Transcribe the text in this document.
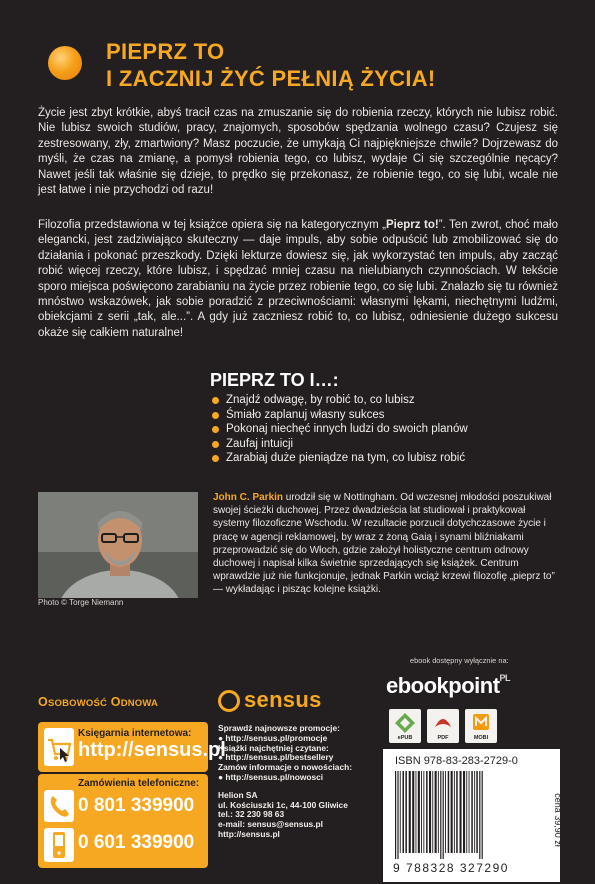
PIEPRZ TO
I ZACZNIJ ŻYĆ PEŁNIĄ ŻYCIA!

Życie jest zbyt krótkie, abyś tracił czas na zmuszanie się do robienia rzeczy, których nie lubisz robić. Nie lubisz swoich studiów, pracy, znajomych, sposobów spędzania wolnego czasu? Czujesz się zestresowany, zły, zmartwiony? Masz poczucie, że umykają Ci najpiękniejsze chwile? Dojrzewasz do myśli, że czas na zmianę, a pomysł robienia tego, co lubisz, wydaje Ci się szczególnie nęcący? Nawet jeśli tak właśnie się dzieje, to prędko się przekonasz, że robienie tego, co się lubi, wcale nie jest łatwe i nie przychodzi od razu!

Filozofia przedstawiona w tej książce opiera się na kategorycznym „Pieprz to!”. Ten zwrot, choć mało elegancki, jest zadziwiająco skuteczny — daje impuls, aby sobie odpuścić lub zmobilizować się do działania i pokonać przeszkody. Dzięki lekturze dowiesz się, jak wykorzystać ten impuls, aby zacząć robić więcej rzeczy, które lubisz, i spędzać mniej czasu na nielubianych czynnościach. W tekście sporo miejsca poświęcono zarabianiu na życie przez robienie tego, co się lubi. Znalazło się tu również mnóstwo wskazówek, jak sobie poradzić z przeciwnościami: własnymi lękami, niechętnymi ludźmi, obiekcjami z serii „tak, ale...”. A gdy już zaczniesz robić to, co lubisz, odniesienie dużego sukcesu okaże się całkiem naturalne!

PIEPRZ TO I…:
Znajdź odwagę, by robić to, co lubisz
Śmiało zaplanuj własny sukces
Pokonaj niechęć innych ludzi do swoich planów
Zaufaj intuicji
Zarabiaj duże pieniądze na tym, co lubisz robić
Photo © Torge Niemann

John C. Parkin urodził się w Nottingham. Od wczesnej młodości poszukiwał swojej ścieżki duchowej. Przez dwadzieścia lat studiował i praktykował systemy filozoficzne Wschodu. W rezultacie porzucił dotychczasowe życie i pracę w agencji reklamowej, by wraz z żoną Gaią i synami bliźniakami przeprowadzić się do Włoch, gdzie założył holistyczne centrum odnowy duchowej i napisał kilka świetnie sprzedających się książek. Centrum wprawdzie już nie funkcjonuje, jednak Parkin wciąż krzewi filozofię „pieprz to” — wykładając i pisząc kolejne książki.

OSOBOWOŚĆ ODNOWA	sensus
Księgarnia internetowa:
http://sensus.pl
Zamówienia telefoniczne:
0 801 339900
0 601 339900
Sprawdź najnowsze promocje:
● http://sensus.pl/promocje
Książki najchętniej czytane:
● http://sensus.pl/bestsellery
Zamów informacje o nowościach:
● http://sensus.pl/nowosci
Helion SA
ul. Kościuszki 1c, 44-100 Gliwice
tel.: 32 230 98 63
e-mail: sensus@sensus.pl
http://sensus.pl
ebook dostępny wyłącznie na:
ebookpoint$^{PL}$
ePUB	PDF	MOBI
ISBN 978-83-283-2729-0
9 788328 327290
cena 39,90 zł
